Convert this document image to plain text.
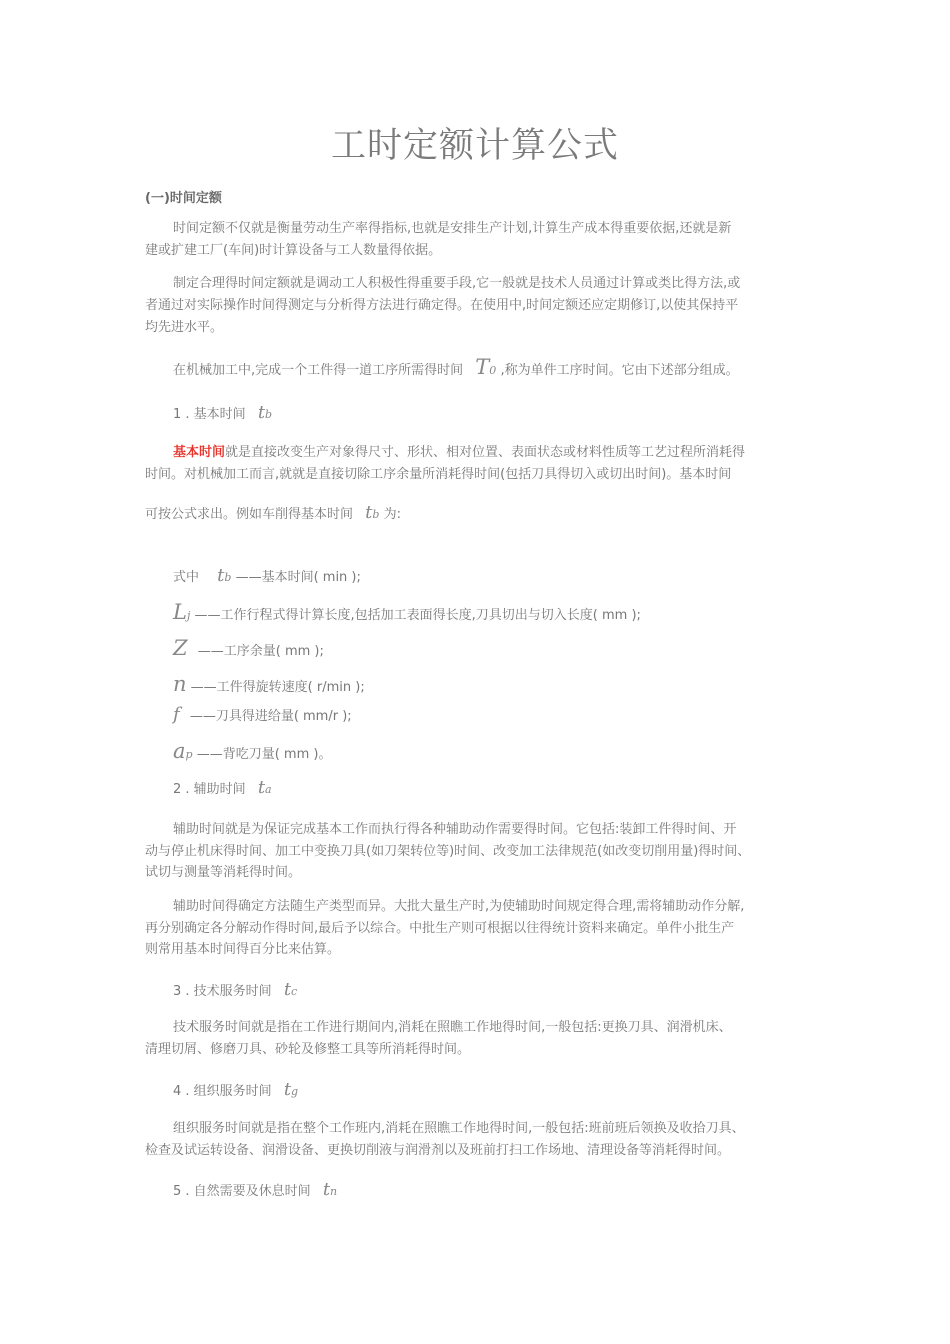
工时定额计算公式
(一)时间定额
时间定额不仅就是衡量劳动生产率得指标,也就是安排生产计划,计算生产成本得重要依据,还就是新
建或扩建工厂(车间)时计算设备与工人数量得依据。
制定合理得时间定额就是调动工人积极性得重要手段,它一般就是技术人员通过计算或类比得方法,或
者通过对实际操作时间得测定与分析得方法进行确定得。在使用中,时间定额还应定期修订,以使其保持平
均先进水平。
在机械加工中,完成一个工件得一道工序所需得时间 T0 ,称为单件工序时间。它由下述部分组成。
1 . 基本时间 tb
基本时间就是直接改变生产对象得尺寸、形状、相对位置、表面状态或材料性质等工艺过程所消耗得
时间。对机械加工而言,就就是直接切除工序余量所消耗得时间(包括刀具得切入或切出时间)。基本时间
可按公式求出。例如车削得基本时间 tb 为:
式中 tb ——基本时间( min );
Lj ——工作行程式得计算长度,包括加工表面得长度,刀具切出与切入长度( mm );
Z ——工序余量( mm );
n ——工件得旋转速度( r/min );
f ——刀具得进给量( mm/r );
ap ——背吃刀量( mm )。
2 . 辅助时间 ta
辅助时间就是为保证完成基本工作而执行得各种辅助动作需要得时间。它包括:装卸工件得时间、开
动与停止机床得时间、加工中变换刀具(如刀架转位等)时间、改变加工法律规范(如改变切削用量)得时间、
试切与测量等消耗得时间。
辅助时间得确定方法随生产类型而异。大批大量生产时,为使辅助时间规定得合理,需将辅助动作分解,
再分别确定各分解动作得时间,最后予以综合。中批生产则可根据以往得统计资料来确定。单件小批生产
则常用基本时间得百分比来估算。
3 . 技术服务时间 tc
技术服务时间就是指在工作进行期间内,消耗在照瞧工作地得时间,一般包括:更换刀具、润滑机床、
清理切屑、修磨刀具、砂轮及修整工具等所消耗得时间。
4 . 组织服务时间 tg
组织服务时间就是指在整个工作班内,消耗在照瞧工作地得时间,一般包括:班前班后领换及收拾刀具、
检查及试运转设备、润滑设备、更换切削液与润滑剂以及班前打扫工作场地、清理设备等消耗得时间。
5 . 自然需要及休息时间 tn
